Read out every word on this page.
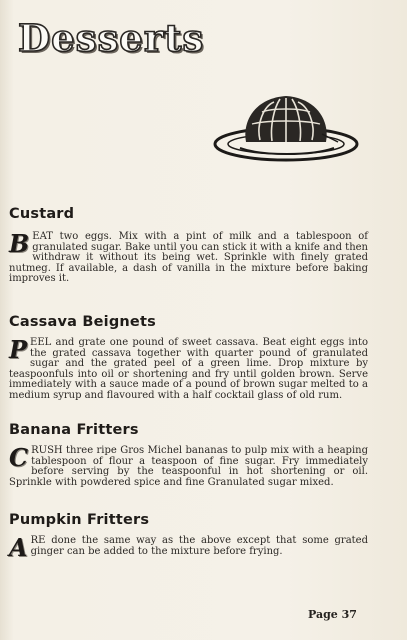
Desserts
Custard

BEAT two eggs. Mix with a pint of milk and a tablespoon of granulated sugar. Bake until you can stick it with a knife and then withdraw it without its being wet. Sprinkle with finely grated nutmeg. If available, a dash of vanilla in the mixture before baking improves it.

Cassava Beignets

PEEL and grate one pound of sweet cassava. Beat eight eggs into the grated cassava together with quarter pound of granulated sugar and the grated peel of a green lime. Drop mixture by teaspoonfuls into oil or shortening and fry until golden brown. Serve immediately with a sauce made of a pound of brown sugar melted to a medium syrup and flavoured with a half cocktail glass of old rum.

Banana Fritters

CRUSH three ripe Gros Michel bananas to pulp mix with a heaping tablespoon of flour a teaspoon of fine sugar. Fry immediately before serving by the teaspoonful in hot shortening or oil. Sprinkle with powdered spice and fine Granulated sugar mixed.

Pumpkin Fritters

ARE done the same way as the above except that some grated ginger can be added to the mixture before frying.

Page 37
